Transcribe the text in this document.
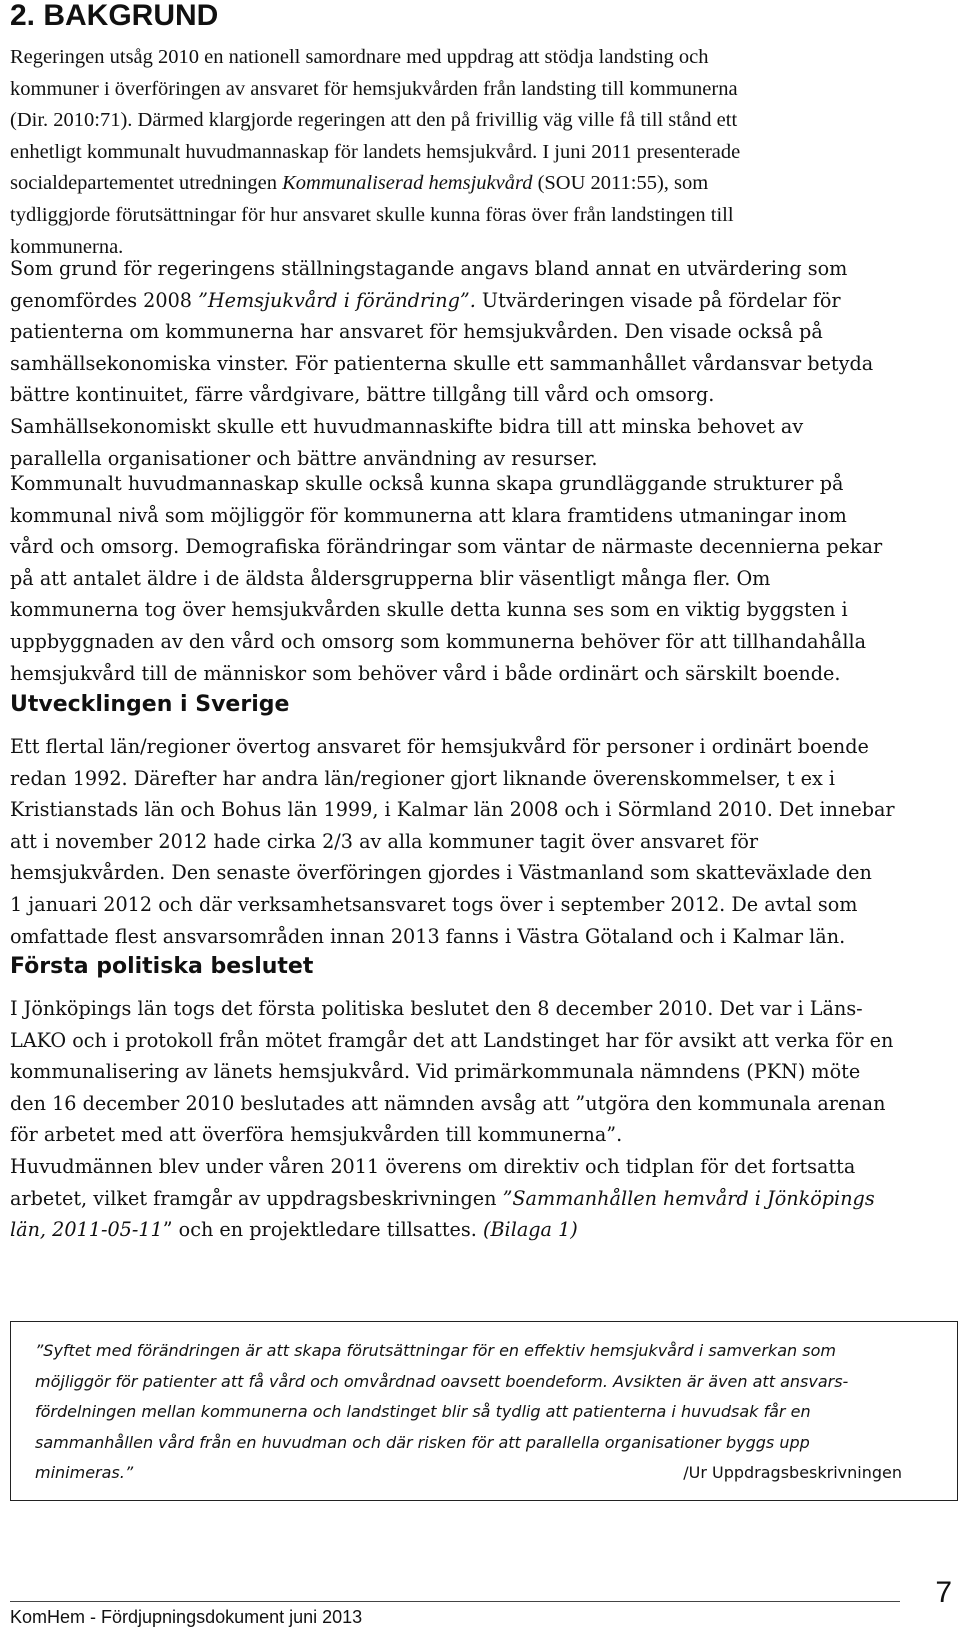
2. BAKGRUND

Regeringen utsåg 2010 en nationell samordnare med uppdrag att stödja landsting och
kommuner i överföringen av ansvaret för hemsjukvården från landsting till kommunerna
(Dir. 2010:71). Därmed klargjorde regeringen att den på frivillig väg ville få till stånd ett
enhetligt kommunalt huvudmannaskap för landets hemsjukvård. I juni 2011 presenterade
socialdepartementet utredningen Kommunaliserad hemsjukvård (SOU 2011:55), som
tydliggjorde förutsättningar för hur ansvaret skulle kunna föras över från landstingen till
kommunerna.

Som grund för regeringens ställningstagande angavs bland annat en utvärdering som
genomfördes 2008 ”Hemsjukvård i förändring”. Utvärderingen visade på fördelar för
patienterna om kommunerna har ansvaret för hemsjukvården. Den visade också på
samhällsekonomiska vinster. För patienterna skulle ett sammanhållet vårdansvar betyda
bättre kontinuitet, färre vårdgivare, bättre tillgång till vård och omsorg.
Samhällsekonomiskt skulle ett huvudmannaskifte bidra till att minska behovet av
parallella organisationer och bättre användning av resurser.

Kommunalt huvudmannaskap skulle också kunna skapa grundläggande strukturer på
kommunal nivå som möjliggör för kommunerna att klara framtidens utmaningar inom
vård och omsorg. Demografiska förändringar som väntar de närmaste decennierna pekar
på att antalet äldre i de äldsta åldersgrupperna blir väsentligt många fler. Om
kommunerna tog över hemsjukvården skulle detta kunna ses som en viktig byggsten i
uppbyggnaden av den vård och omsorg som kommunerna behöver för att tillhandahålla
hemsjukvård till de människor som behöver vård i både ordinärt och särskilt boende.

Utvecklingen i Sverige

Ett flertal län/regioner övertog ansvaret för hemsjukvård för personer i ordinärt boende
redan 1992. Därefter har andra län/regioner gjort liknande överenskommelser, t ex i
Kristianstads län och Bohus län 1999, i Kalmar län 2008 och i Sörmland 2010. Det innebar
att i november 2012 hade cirka 2/3 av alla kommuner tagit över ansvaret för
hemsjukvården. Den senaste överföringen gjordes i Västmanland som skatteväxlade den
1 januari 2012 och där verksamhetsansvaret togs över i september 2012. De avtal som
omfattade flest ansvarsområden innan 2013 fanns i Västra Götaland och i Kalmar län.

Första politiska beslutet

I Jönköpings län togs det första politiska beslutet den 8 december 2010. Det var i Läns-
LAKO och i protokoll från mötet framgår det att Landstinget har för avsikt att verka för en
kommunalisering av länets hemsjukvård. Vid primärkommunala nämndens (PKN) möte
den 16 december 2010 beslutades att nämnden avsåg att ”utgöra den kommunala arenan
för arbetet med att överföra hemsjukvården till kommunerna”.
Huvudmännen blev under våren 2011 överens om direktiv och tidplan för det fortsatta
arbetet, vilket framgår av uppdragsbeskrivningen ”Sammanhållen hemvård i Jönköpings
län, 2011-05-11” och en projektledare tillsattes. (Bilaga 1)

”Syftet med förändringen är att skapa förutsättningar för en effektiv hemsjukvård i samverkan som
möjliggör för patienter att få vård och omvårdnad oavsett boendeform. Avsikten är även att ansvars-
fördelningen mellan kommunerna och landstinget blir så tydlig att patienterna i huvudsak får en
sammanhållen vård från en huvudman och där risken för att parallella organisationer byggs upp
minimeras.”	/Ur Uppdragsbeskrivningen
KomHem - Fördjupningsdokument juni 2013
7
